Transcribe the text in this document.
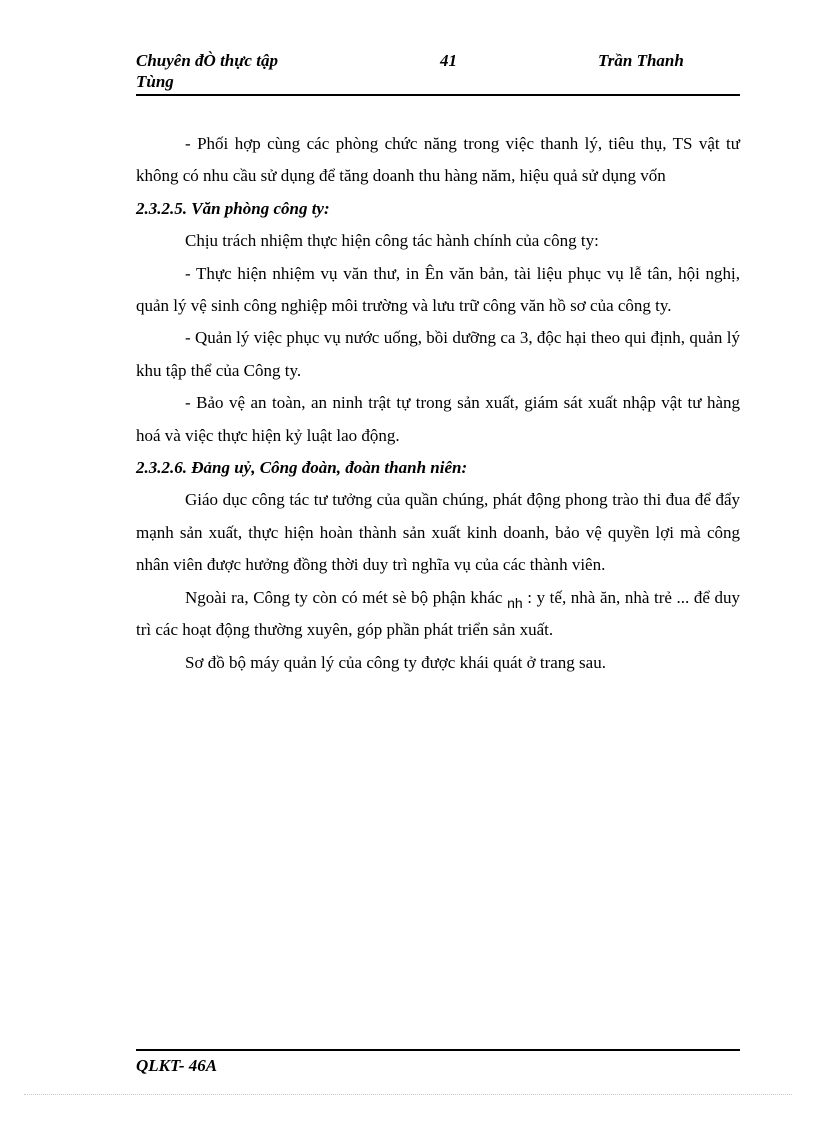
Chuyên đÒ thực tập	41	Trần Thanh
Tùng

- Phối hợp cùng các phòng chức năng trong việc thanh lý, tiêu thụ, TS vật tư không có nhu cầu sử dụng để tăng doanh thu hàng năm, hiệu quả sử dụng vốn

2.3.2.5. Văn phòng công ty:

Chịu trách nhiệm thực hiện công tác hành chính của công ty:

- Thực hiện nhiệm vụ văn thư, in Ên văn bản, tài liệu phục vụ lễ tân, hội nghị, quản lý vệ sinh công nghiệp môi trường và lưu trữ công văn hồ sơ của công ty.

- Quản lý việc phục vụ nước uống, bồi dưỡng ca 3, độc hại theo qui định, quản lý khu tập thể của Công ty.

- Bảo vệ an toàn, an ninh trật tự trong sản xuất, giám sát xuất nhập vật tư hàng hoá và việc thực hiện kỷ luật lao động.

2.3.2.6. Đảng uỷ, Công đoàn, đoàn thanh niên:

Giáo dục công tác tư tưởng của quần chúng, phát động phong trào thi đua để đẩy mạnh sản xuất, thực hiện hoàn thành sản xuất kinh doanh, bảo vệ quyền lợi mà công nhân viên được hưởng đồng thời duy trì nghĩa vụ của các thành viên.

Ngoài ra, Công ty còn có mét sè bộ phận khác $_{nh}$ : y tế, nhà ăn, nhà trẻ ... để duy trì các hoạt động thường xuyên, góp phần phát triển sản xuất.

Sơ đồ bộ máy quản lý của công ty được khái quát ở trang sau.

QLKT- 46A
